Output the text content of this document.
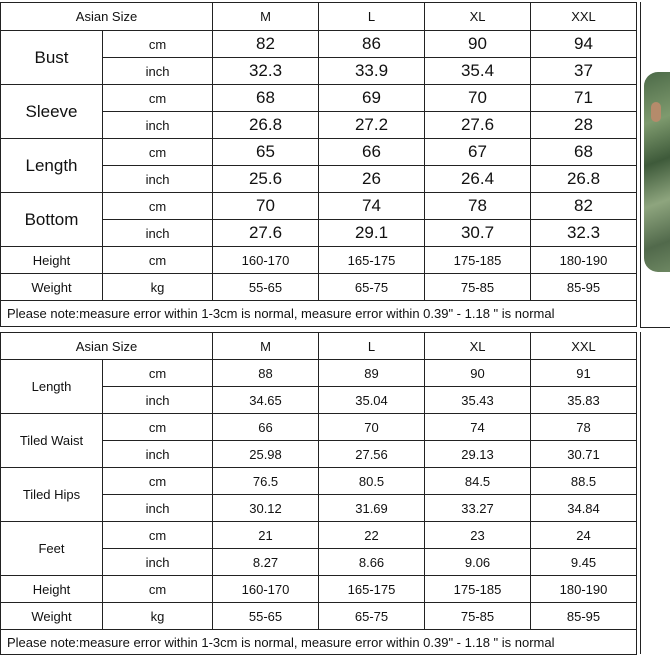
Asian Size		M	L	XL	XXL
Bust	cm	82	86	90	94
	inch	32.3	33.9	35.4	37
Sleeve	cm	68	69	70	71
	inch	26.8	27.2	27.6	28
Length	cm	65	66	67	68
	inch	25.6	26	26.4	26.8
Bottom	cm	70	74	78	82
	inch	27.6	29.1	30.7	32.3
Height	cm	160-170	165-175	175-185	180-190
Weight	kg	55-65	65-75	75-85	85-95
Please note:measure error within 1-3cm is normal, measure error within 0.39" - 1.18 " is normal					
Asian Size		M	L	XL	XXL
Length	cm	88	89	90	91
	inch	34.65	35.04	35.43	35.83
Tiled Waist	cm	66	70	74	78
	inch	25.98	27.56	29.13	30.71
Tiled Hips	cm	76.5	80.5	84.5	88.5
	inch	30.12	31.69	33.27	34.84
Feet	cm	21	22	23	24
	inch	8.27	8.66	9.06	9.45
Height	cm	160-170	165-175	175-185	180-190
Weight	kg	55-65	65-75	75-85	85-95
Please note:measure error within 1-3cm is normal, measure error within 0.39" - 1.18 " is normal					
